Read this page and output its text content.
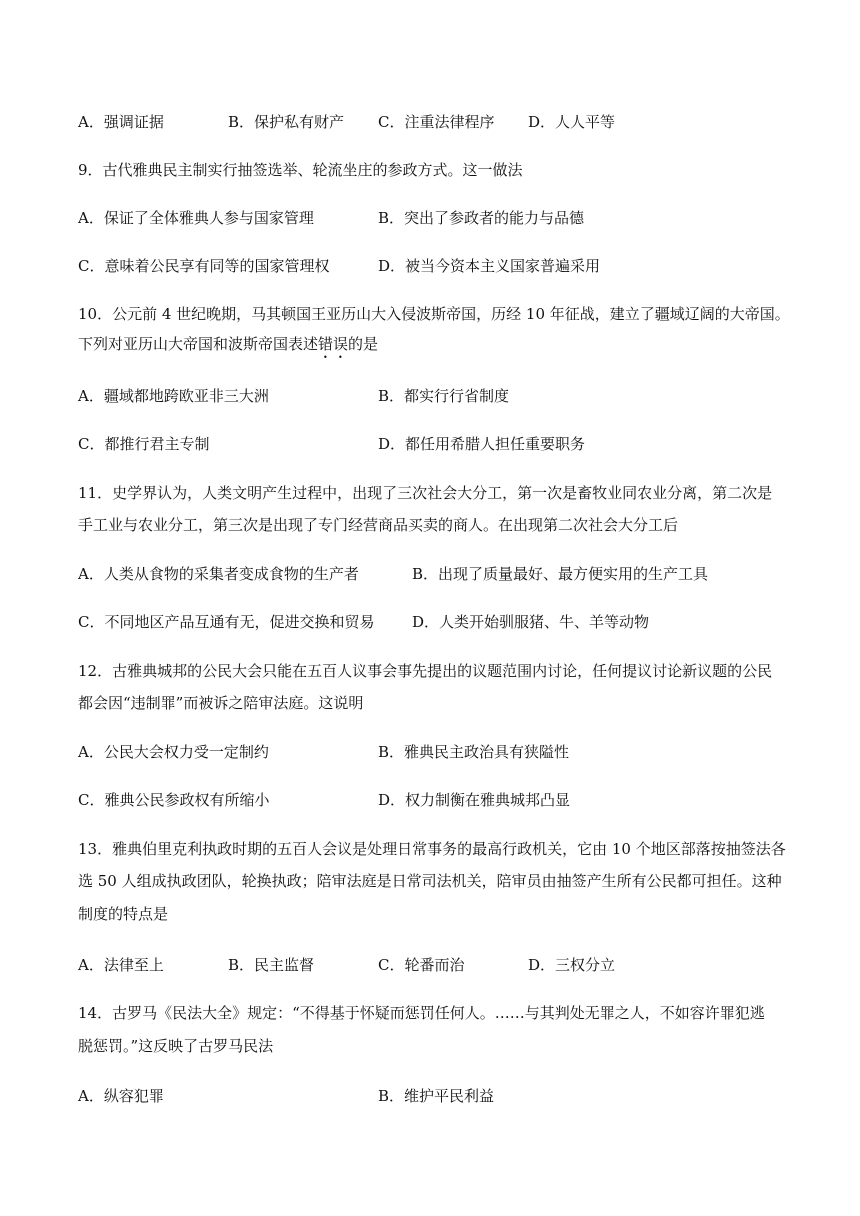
A．强调证据	B．保护私有财产 C．注重法律程序 D．人人平等
9．古代雅典民主制实行抽签选举、轮流坐庄的参政方式。这一做法
A．保证了全体雅典人参与国家管理	B．突出了参政者的能力与品德
C．意味着公民享有同等的国家管理权	D．被当今资本主义国家普遍采用
10．公元前 4 世纪晚期，马其顿国王亚历山大入侵波斯帝国，历经 10 年征战，建立了疆域辽阔的大帝国。
下列对亚历山大帝国和波斯帝国表述错误的是
A．疆域都地跨欧亚非三大洲	B．都实行行省制度
C．都推行君主专制	D．都任用希腊人担任重要职务
11．史学界认为，人类文明产生过程中，出现了三次社会大分工，第一次是畜牧业同农业分离，第二次是
手工业与农业分工，第三次是出现了专门经营商品买卖的商人。在出现第二次社会大分工后
A．人类从食物的采集者变成食物的生产者	B．出现了质量最好、最方便实用的生产工具
C．不同地区产品互通有无，促进交换和贸易	D．人类开始驯服猪、牛、羊等动物
12．古雅典城邦的公民大会只能在五百人议事会事先提出的议题范围内讨论，任何提议讨论新议题的公民
都会因“违制罪”而被诉之陪审法庭。这说明
A．公民大会权力受一定制约	B．雅典民主政治具有狭隘性
C．雅典公民参政权有所缩小	D．权力制衡在雅典城邦凸显
13．雅典伯里克利执政时期的五百人会议是处理日常事务的最高行政机关，它由 10 个地区部落按抽签法各
选 50 人组成执政团队，轮换执政；陪审法庭是日常司法机关，陪审员由抽签产生所有公民都可担任。这种
制度的特点是
A．法律至上	B．民主监督	C．轮番而治	D．三权分立
14．古罗马《民法大全》规定：“不得基于怀疑而惩罚任何人。……与其判处无罪之人，不如容许罪犯逃
脱惩罚。”这反映了古罗马民法
A．纵容犯罪	B．维护平民利益
